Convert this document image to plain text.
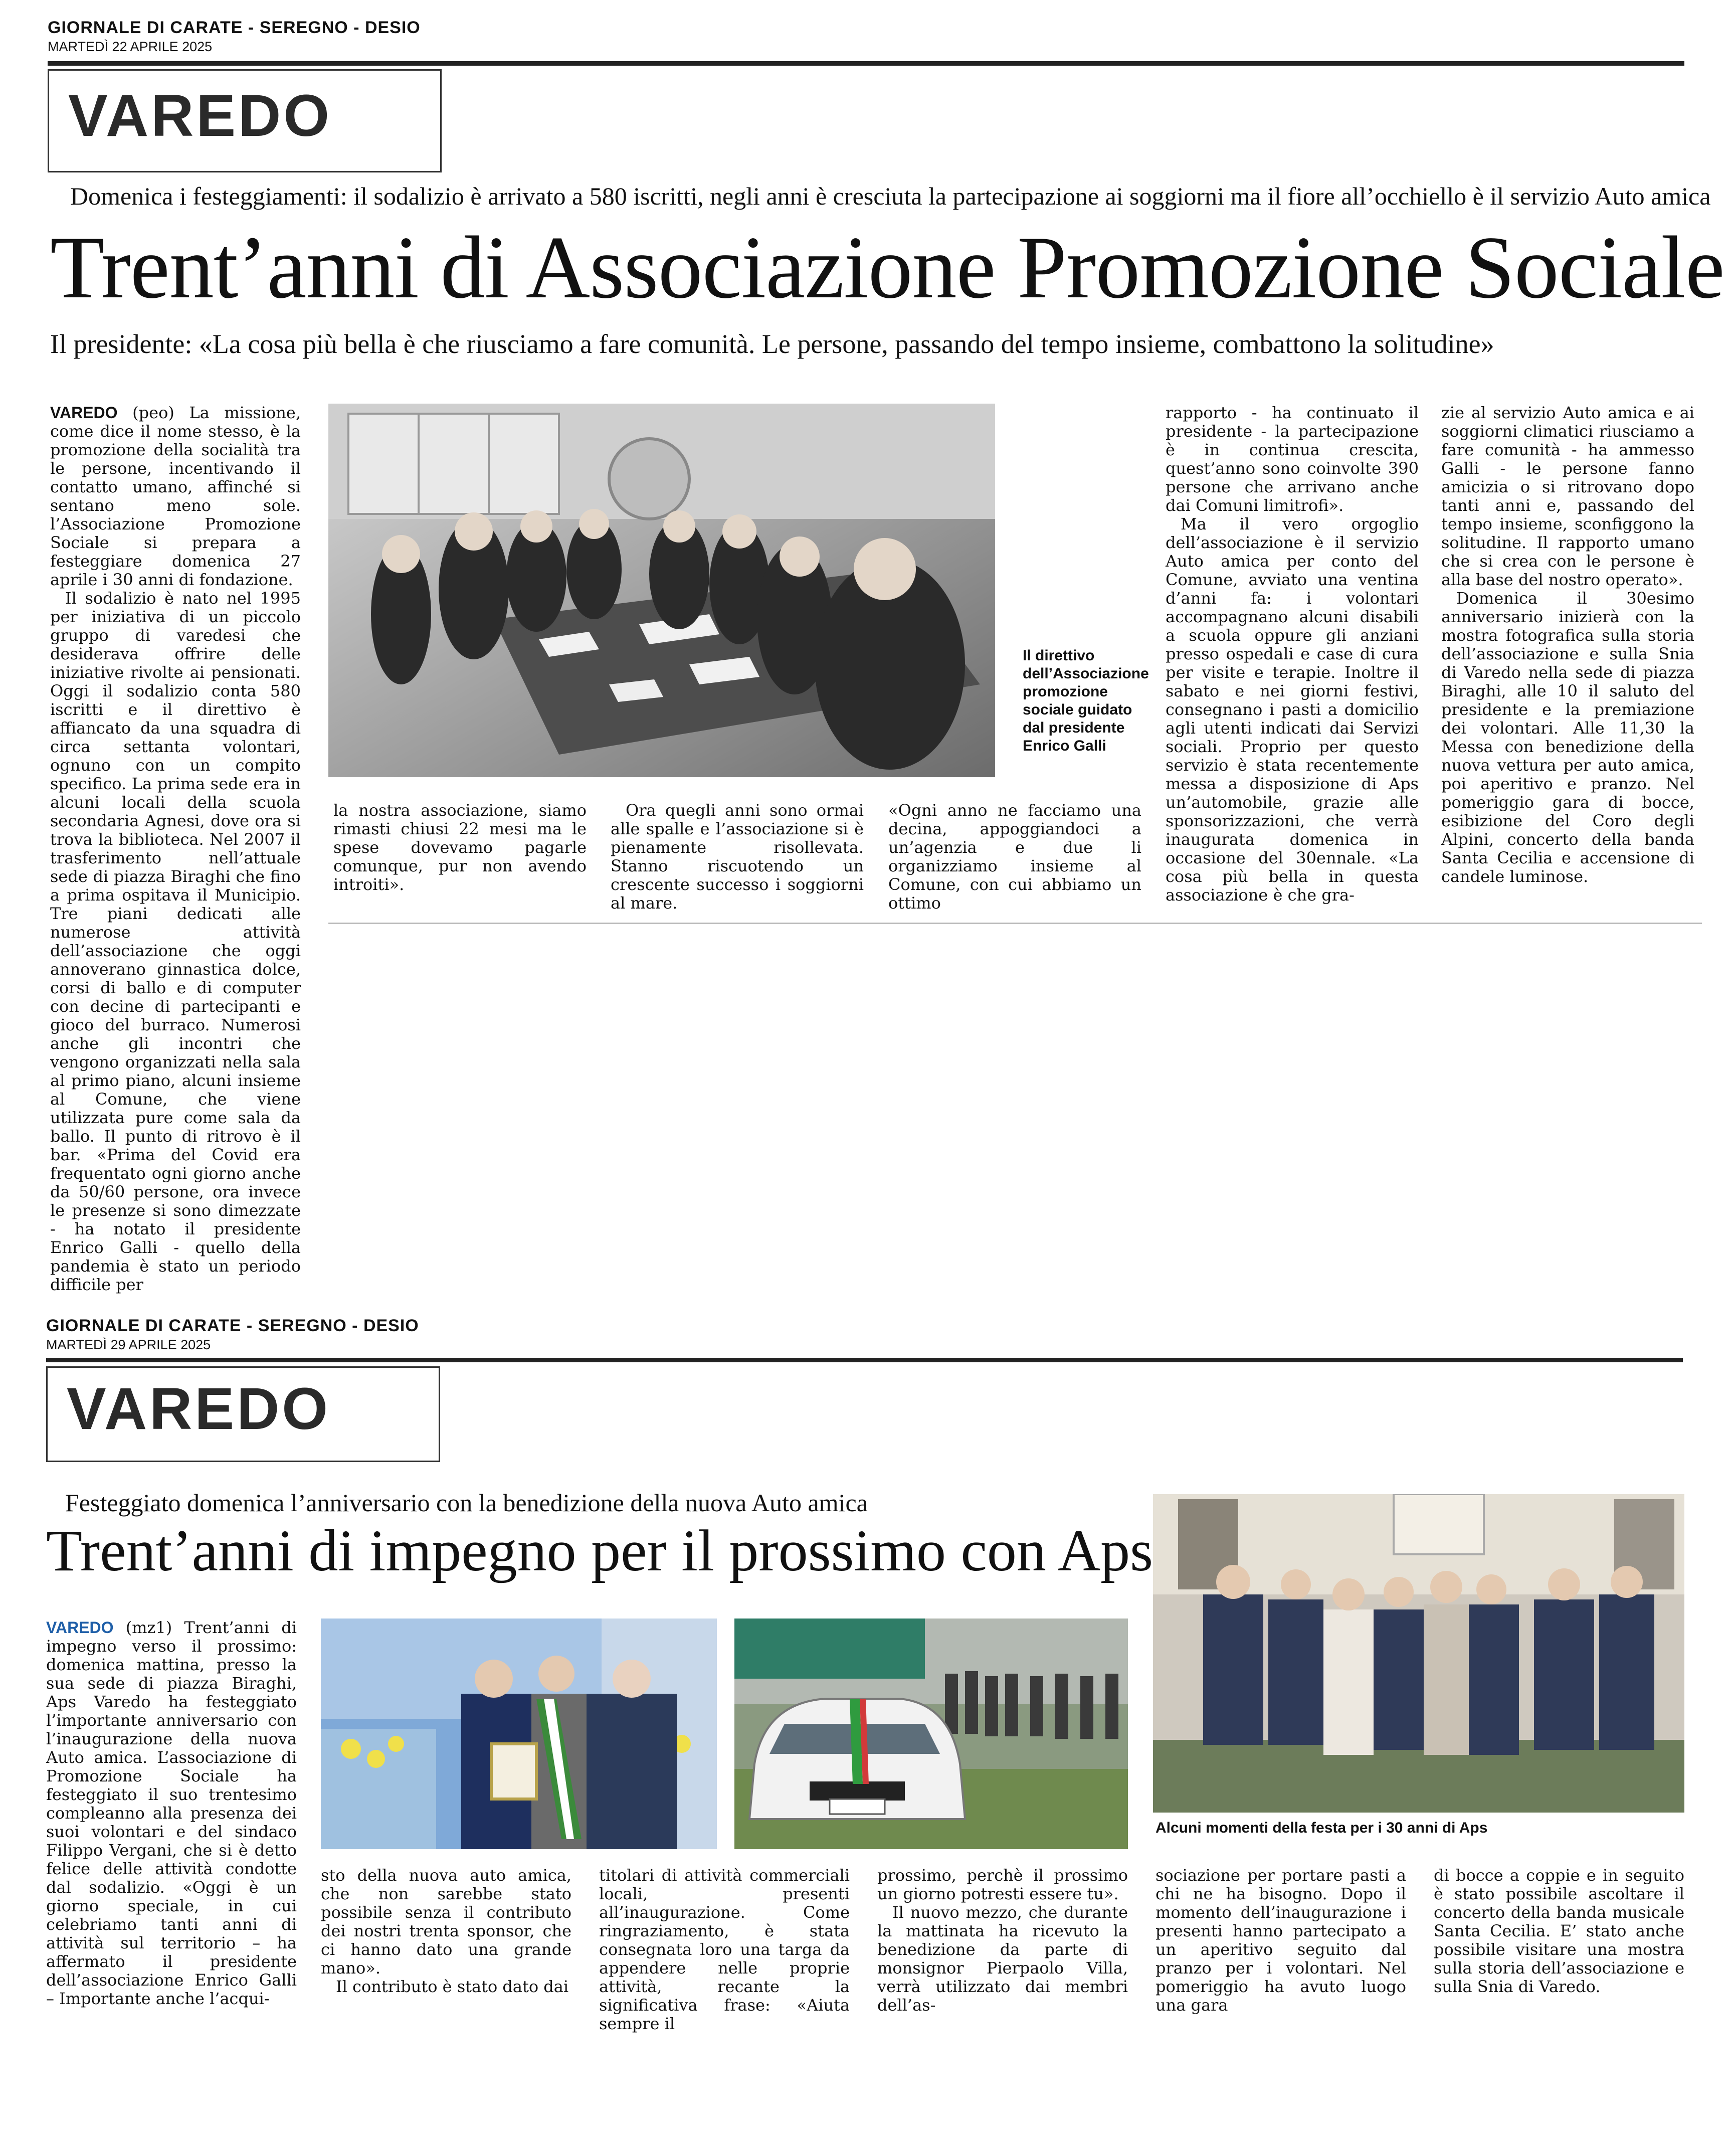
GIORNALE DI CARATE - SEREGNO - DESIO
MARTEDÌ 22 APRILE 2025
VAREDO
Domenica i festeggiamenti: il sodalizio è arrivato a 580 iscritti, negli anni è cresciuta la partecipazione ai soggiorni ma il fiore all’occhiello è il servizio Auto amica
Trent’anni di Associazione Promozione Sociale
Il presidente: «La cosa più bella è che riusciamo a fare comunità. Le persone, passando del tempo insieme, combattono la solitudine»

VAREDO (peo) La missione, come dice il nome stesso, è la promozione della socialità tra le persone, incentivando il contatto umano, affinché si sentano meno sole. l’Associazione Promozione Sociale si prepara a festeggiare domenica 27 aprile i 30 anni di fondazione.

Il sodalizio è nato nel 1995 per iniziativa di un piccolo gruppo di varedesi che desiderava offrire delle iniziative rivolte ai pensionati. Oggi il sodalizio conta 580 iscritti e il direttivo è affiancato da una squadra di circa settanta volontari, ognuno con un compito specifico. La prima sede era in alcuni locali della scuola secondaria Agnesi, dove ora si trova la biblioteca. Nel 2007 il trasferimento nell’attuale sede di piazza Biraghi che fino a prima ospitava il Municipio. Tre piani dedicati alle numerose attività dell’associazione che oggi annoverano ginnastica dolce, corsi di ballo e di computer con decine di partecipanti e gioco del burraco. Numerosi anche gli incontri che vengono organizzati nella sala al primo piano, alcuni insieme al Comune, che viene utilizzata pure come sala da ballo. Il punto di ritrovo è il bar. «Prima del Covid era frequentato ogni giorno anche da 50/60 persone, ora invece le presenze si sono dimezzate - ha notato il presidente Enrico Galli - quello della pandemia è stato un periodo difficile per

Il direttivo dell’Associazione promozione sociale guidato dal presidente Enrico Galli

la nostra associazione, siamo rimasti chiusi 22 mesi ma le spese dovevamo pagarle comunque, pur non avendo introiti».

Ora quegli anni sono ormai alle spalle e l’associazione si è pienamente risollevata. Stanno riscuotendo un crescente successo i soggiorni al mare.

«Ogni anno ne facciamo una decina, appoggiandoci a un’agenzia e due li organizziamo insieme al Comune, con cui abbiamo un ottimo

rapporto - ha continuato il presidente - la partecipazione è in continua crescita, quest’anno sono coinvolte 390 persone che arrivano anche dai Comuni limitrofi».

Ma il vero orgoglio dell’associazione è il servizio Auto amica per conto del Comune, avviato una ventina d’anni fa: i volontari accompagnano alcuni disabili a scuola oppure gli anziani presso ospedali e case di cura per visite e terapie. Inoltre il sabato e nei giorni festivi, consegnano i pasti a domicilio agli utenti indicati dai Servizi sociali. Proprio per questo servizio è stata recentemente messa a disposizione di Aps un’automobile, grazie alle sponsorizzazioni, che verrà inaugurata domenica in occasione del 30ennale. «La cosa più bella in questa associazione è che gra-

zie al servizio Auto amica e ai soggiorni climatici riusciamo a fare comunità - ha ammesso Galli - le persone fanno amicizia o si ritrovano dopo tanti anni e, passando del tempo insieme, sconfiggono la solitudine. Il rapporto umano che si crea con le persone è alla base del nostro operato».

Domenica il 30esimo anniversario inizierà con la mostra fotografica sulla storia dell’associazione e sulla Snia di Varedo nella sede di piazza Biraghi, alle 10 il saluto del presidente e la premiazione dei volontari. Alle 11,30 la Messa con benedizione della nuova vettura per auto amica, poi aperitivo e pranzo. Nel pomeriggio gara di bocce, esibizione del Coro degli Alpini, concerto della banda Santa Cecilia e accensione di candele luminose.

GIORNALE DI CARATE - SEREGNO - DESIO
MARTEDÌ 29 APRILE 2025
VAREDO
Festeggiato domenica l’anniversario con la benedizione della nuova Auto amica
Trent’anni di impegno per il prossimo con Aps

VAREDO (mz1) Trent’anni di impegno verso il prossimo: domenica mattina, presso la sua sede di piazza Biraghi, Aps Varedo ha festeggiato l’importante anniversario con l’inaugurazione della nuova Auto amica. L’associazione di Promozione Sociale ha festeggiato il suo trentesimo compleanno alla presenza dei suoi volontari e del sindaco Filippo Vergani, che si è detto felice delle attività condotte dal sodalizio. «Oggi è un giorno speciale, in cui celebriamo tanti anni di attività sul territorio – ha affermato il presidente dell’associazione Enrico Galli – Importante anche l’acqui-

Alcuni momenti della festa per i 30 anni di Aps

sto della nuova auto amica, che non sarebbe stato possibile senza il contributo dei nostri trenta sponsor, che ci hanno dato una grande mano».

Il contributo è stato dato dai

titolari di attività commerciali locali, presenti all’inaugurazione. Come ringraziamento, è stata consegnata loro una targa da appendere nelle proprie attività, recante la significativa frase: «Aiuta sempre il

prossimo, perchè il prossimo un giorno potresti essere tu».

Il nuovo mezzo, che durante la mattinata ha ricevuto la benedizione da parte di monsignor Pierpaolo Villa, verrà utilizzato dai membri dell’as-

sociazione per portare pasti a chi ne ha bisogno. Dopo il momento dell’inaugurazione i presenti hanno partecipato a un aperitivo seguito dal pranzo per i volontari. Nel pomeriggio ha avuto luogo una gara

di bocce a coppie e in seguito è stato possibile ascoltare il concerto della banda musicale Santa Cecilia. E’ stato anche possibile visitare una mostra sulla storia dell’associazione e sulla Snia di Varedo.
